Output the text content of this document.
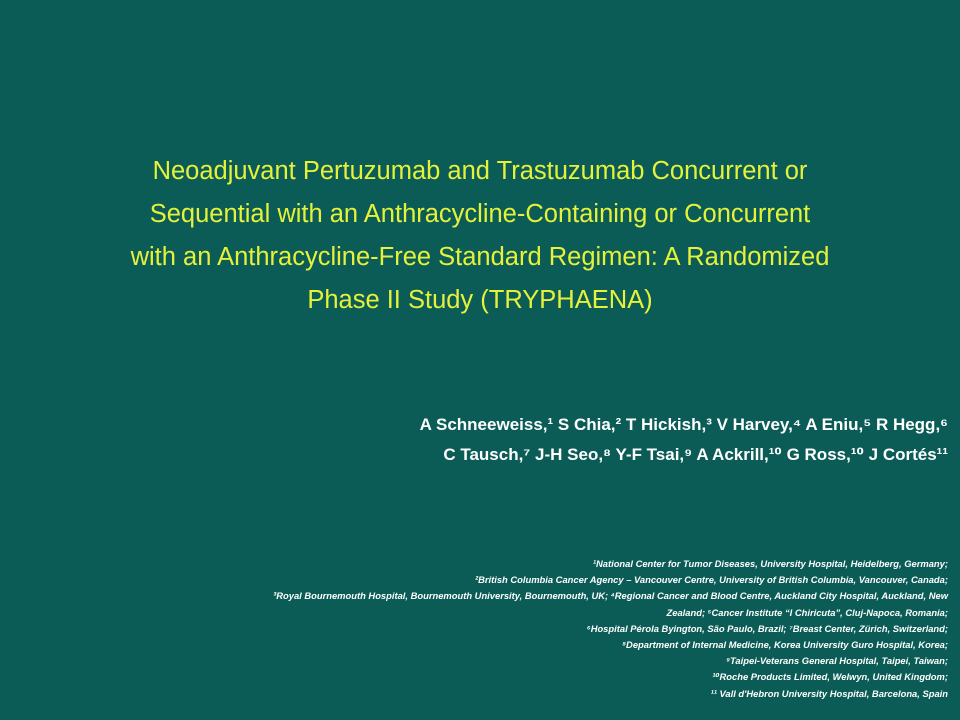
Neoadjuvant Pertuzumab and Trastuzumab Concurrent or
Sequential with an Anthracycline-Containing or Concurrent
with an Anthracycline-Free Standard Regimen: A Randomized
Phase II Study (TRYPHAENA)
A Schneeweiss,¹ S Chia,² T Hickish,³ V Harvey,⁴ A Eniu,⁵ R Hegg,⁶
C Tausch,⁷ J-H Seo,⁸ Y-F Tsai,⁹ A Ackrill,¹⁰ G Ross,¹⁰ J Cortés¹¹
¹National Center for Tumor Diseases, University Hospital, Heidelberg, Germany;
²British Columbia Cancer Agency – Vancouver Centre, University of British Columbia, Vancouver, Canada;
³Royal Bournemouth Hospital, Bournemouth University, Bournemouth, UK; ⁴Regional Cancer and Blood Centre, Auckland City Hospital, Auckland, New
Zealand; ⁵Cancer Institute “I Chiricuta”, Cluj-Napoca, Romania;
⁶Hospital Pérola Byington, São Paulo, Brazil; ⁷Breast Center, Zürich, Switzerland;
⁸Department of Internal Medicine, Korea University Guro Hospital, Korea;
⁹Taipei-Veterans General Hospital, Taipei, Taiwan;
¹⁰Roche Products Limited, Welwyn, United Kingdom;
¹¹ Vall d'Hebron University Hospital, Barcelona, Spain
